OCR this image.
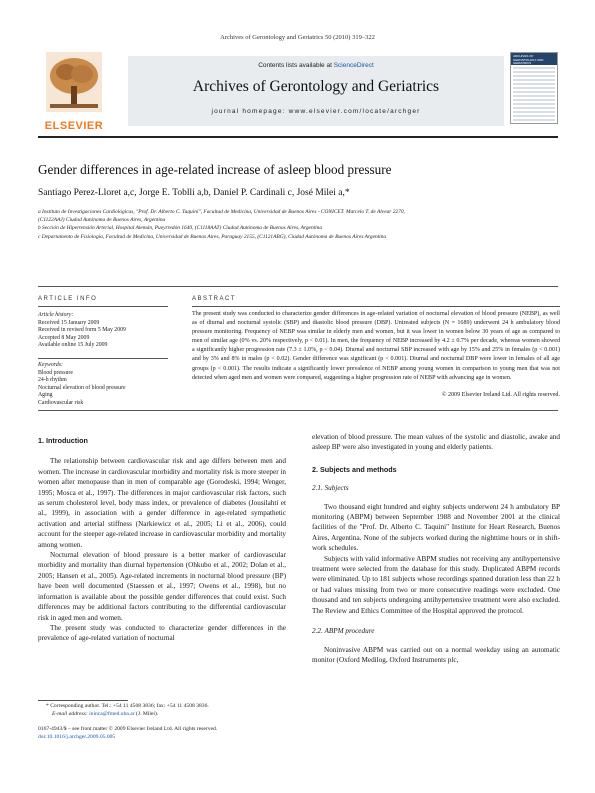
Archives of Gerontology and Geriatrics 50 (2010) 319–322
ELSEVIER
Contents lists available at ScienceDirect
Archives of Gerontology and Geriatrics
journal homepage: www.elsevier.com/locate/archger
ARCHIVES OF GERONTOLOGY AND GERIATRICS
Gender differences in age-related increase of asleep blood pressure
Santiago Perez-Lloret a,c, Jorge E. Toblli a,b, Daniel P. Cardinali c, José Milei a,*
a Instituto de Investigaciones Cardiológicas, "Prof. Dr. Alberto C. Taquini", Facultad de Medicina, Universidad de Buenos Aires - CONICET. Marcelo T. de Alvear 2270,
(C1122AAJ) Ciudad Autónoma de Buenos Aires, Argentina
b Sección de Hipertensión Arterial, Hospital Alemán, Pueyrredón 1640, (C1118AAT) Ciudad Autónoma de Buenos Aires, Argentina
c Departamento de Fisiología, Facultad de Medicina, Universidad de Buenos Aires, Paraguay 2155, (C1121ABG), Ciudad Autónoma de Buenos Aires Argentina
ARTICLE INFO	ABSTRACT
Article history:
Received 15 January 2009
Received in revised form 5 May 2009
Accepted 8 May 2009
Available online 15 July 2009
Keywords:
Blood pressure
24-h rhythm
Nocturnal elevation of blood pressure
Aging
Cardiovascular risk
The present study was conducted to characterize gender differences in age-related variation of nocturnal elevation of blood pressure (NEBP), as well as of diurnal and nocturnal systolic (SBP) and diastolic blood pressure (DBP). Untreated subjects (N = 1689) underwent 24 h ambulatory blood pressure monitoring. Frequency of NEBP was similar in elderly men and women, but it was lower in women below 30 years of age as compared to men of similar age (0% vs. 20% respectively, p < 0.01). In men, the frequency of NEBP increased by 4.2 ± 0.7% per decade, whereas women showed a significantly higher progression rate (7.3 ± 1.0%, p < 0.04). Diurnal and nocturnal SBP increased with age by 15% and 25% in females (p < 0.001) and by 3% and 8% in males (p < 0.02). Gender difference was significant (p < 0.001). Diurnal and nocturnal DBP were lower in females of all age groups (p < 0.001). The results indicate a significantly lower prevalence of NEBP among young women in comparison to young men that was not detected when aged men and women were compared, suggesting a higher progression rate of NEBP with advancing age in women.
© 2009 Elsevier Ireland Ltd. All rights reserved.
1. Introduction

The relationship between cardiovascular risk and age differs between men and women. The increase in cardiovascular morbidity and mortality risk is more steeper in women after menopause than in men of comparable age (Gorodeski, 1994; Wenger, 1995; Mosca et al., 1997). The differences in major cardiovascular risk factors, such as serum cholesterol level, body mass index, or prevalence of diabetes (Jousilahti et al., 1999), in association with a gender difference in age-related sympathetic activation and arterial stiffness (Narkiewicz et al., 2005; Li et al., 2006), could account for the steeper age-related increase in cardiovascular morbidity and mortality among women.

Nocturnal elevation of blood pressure is a better marker of cardiovascular morbidity and mortality than diurnal hypertension (Ohkubo et al., 2002; Dolan et al., 2005; Hansen et al., 2005). Age-related increments in nocturnal blood pressure (BP) have been well documented (Staessen et al., 1997; Owens et al., 1998), but no information is available about the possible gender differences that could exist. Such differences may be additional factors contributing to the differential cardiovascular risk in aged men and women.

The present study was conducted to characterize gender differences in the prevalence of age-related variation of nocturnal

elevation of blood pressure. The mean values of the systolic and diastolic, awake and asleep BP were also investigated in young and elderly patients.

2. Subjects and methods
2.1. Subjects

Two thousand eight hundred and eighty subjects underwent 24 h ambulatory BP monitoring (ABPM) between September 1988 and November 2001 at the clinical facilities of the "Prof. Dr. Alberto C. Taquini" Institute for Heart Research, Buenos Aires, Argentina. None of the subjects worked during the nighttime hours or in shift-work schedules.

Subjects with valid informative ABPM studies not receiving any antihypertensive treatment were selected from the database for this study. Duplicated ABPM records were eliminated. Up to 181 subjects whose recordings spanned duration less than 22 h or had values missing from two or more consecutive readings were excluded. One thousand and ten subjects undergoing antihypertensive treatment were also excluded. The Review and Ethics Committee of the Hospital approved the protocol.

2.2. ABPM procedure

Noninvasive ABPM was carried out on a normal weekday using an automatic monitor (Oxford Medilog, Oxford Instruments plc,

* Corresponding author. Tel.: +54 11 4508 3836; fax: +54 11 4508 3836.
E-mail address: ininca@fmed.uba.ar (J. Milei).
0167-4943/$ – see front matter © 2009 Elsevier Ireland Ltd. All rights reserved.
doi:10.1016/j.archger.2009.05.005
